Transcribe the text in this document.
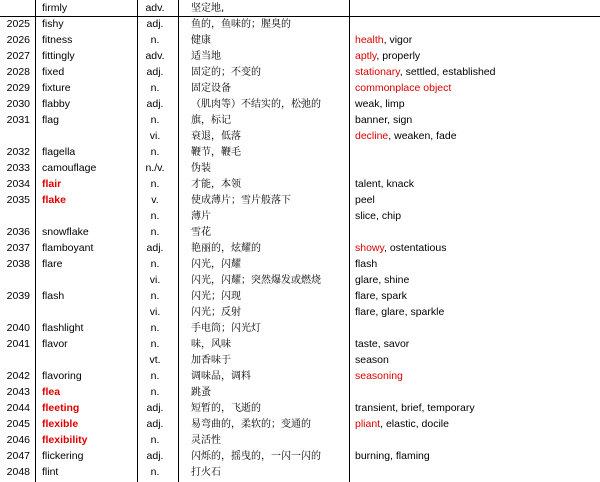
firmly	adv.	坚定地,
2025 fishy	adj.	鱼的，鱼味的；腥臭的
2026 fitness	n.	健康	health, vigor
2027 fittingly	adv.	适当地	aptly, properly
2028 fixed	adj.	固定的；不变的	stationary, settled, established
2029 fixture	n.	固定设备	commonplace object
2030 flabby	adj.	（肌肉等）不结实的，松弛的	weak, limp
2031 flag	n.	旗，标记	banner, sign
vi.	衰退，低落	decline, weaken, fade
2032 flagella	n.	鞭节，鞭毛
2033 camouflage	n./v.	伪装
2034 flair	n.	才能，本领	talent, knack
2035 flake	v.	使成薄片；雪片般落下	peel
n.	薄片	slice, chip
2036 snowflake	n.	雪花
2037 flamboyant	adj.	艳丽的，炫耀的	showy, ostentatious
2038 flare	n.	闪光，闪耀	flash
vi.	闪光，闪耀；突然爆发或燃烧	glare, shine
2039 flash	n.	闪光；闪现	flare, spark
vi.	闪光；反射	flare, glare, sparkle
2040 flashlight	n.	手电筒；闪光灯
2041 flavor	n.	味，风味	taste, savor
vt.	加香味于	season
2042 flavoring	n.	调味品，调料	seasoning
2043 flea	n.	跳蚤
2044 fleeting	adj.	短暂的，飞逝的	transient, brief, temporary
2045 flexible	adj.	易弯曲的，柔软的；变通的	pliant, elastic, docile
2046 flexibility	n.	灵活性
2047 flickering	adj.	闪烁的，摇曳的，一闪一闪的	burning, flaming
2048 flint	n.	打火石
